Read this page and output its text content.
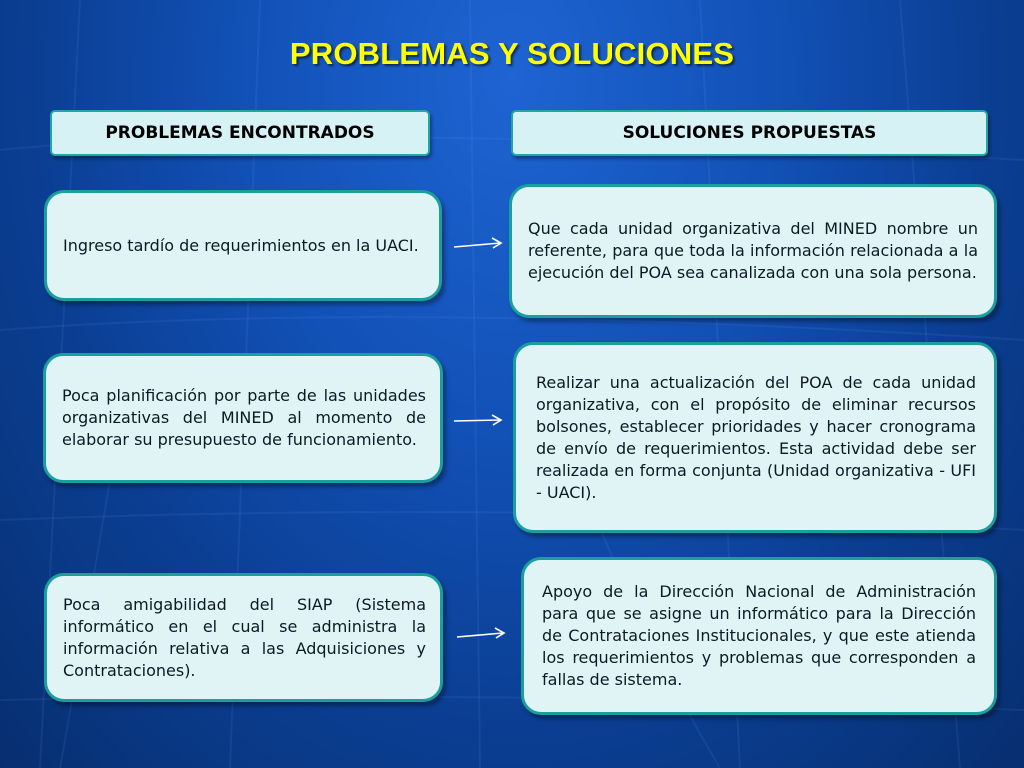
PROBLEMAS Y SOLUCIONES
PROBLEMAS ENCONTRADOS	SOLUCIONES PROPUESTAS
Ingreso tardío de requerimientos en la UACI.
Que cada unidad organizativa del MINED nombre un referente, para que toda la información relacionada a la ejecución del POA sea canalizada con una sola persona.
Poca planificación por parte de las unidades organizativas del MINED al momento de elaborar su presupuesto de funcionamiento.
Realizar una actualización del POA de cada unidad organizativa, con el propósito de eliminar recursos bolsones, establecer prioridades y hacer cronograma de envío de requerimientos. Esta actividad debe ser realizada en forma conjunta (Unidad organizativa - UFI - UACI).
Poca amigabilidad del SIAP (Sistema informático en el cual se administra la información relativa a las Adquisiciones y Contrataciones).
Apoyo de la Dirección Nacional de Administración para que se asigne un informático para la Dirección de Contrataciones Institucionales, y que este atienda los requerimientos y problemas que corresponden a fallas de sistema.
